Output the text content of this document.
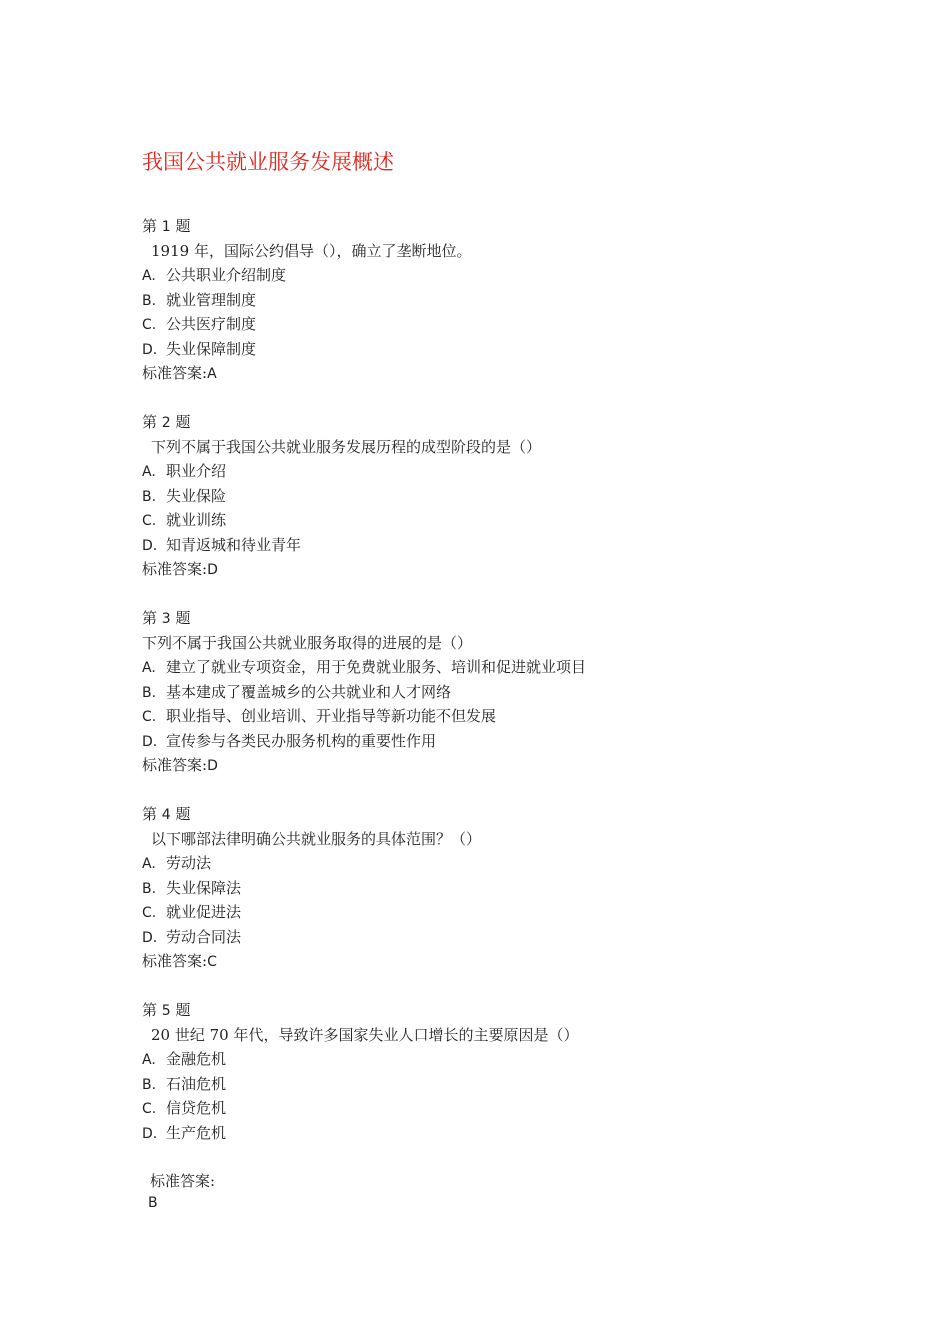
我国公共就业服务发展概述
第 1 题
1919 年，国际公约倡导（），确立了垄断地位。
A. 公共职业介绍制度
B. 就业管理制度
C. 公共医疗制度
D. 失业保障制度
标准答案:A
第 2 题
下列不属于我国公共就业服务发展历程的成型阶段的是（）
A. 职业介绍
B. 失业保险
C. 就业训练
D. 知青返城和待业青年
标准答案:D
第 3 题
下列不属于我国公共就业服务取得的进展的是（）
A. 建立了就业专项资金，用于免费就业服务、培训和促进就业项目
B. 基本建成了覆盖城乡的公共就业和人才网络
C. 职业指导、创业培训、开业指导等新功能不但发展
D. 宣传参与各类民办服务机构的重要性作用
标准答案:D
第 4 题
以下哪部法律明确公共就业服务的具体范围？（）
A. 劳动法
B. 失业保障法
C. 就业促进法
D. 劳动合同法
标准答案:C
第 5 题
20 世纪 70 年代，导致许多国家失业人口增长的主要原因是（）
A. 金融危机
B. 石油危机
C. 信贷危机
D. 生产危机
标准答案:
B
